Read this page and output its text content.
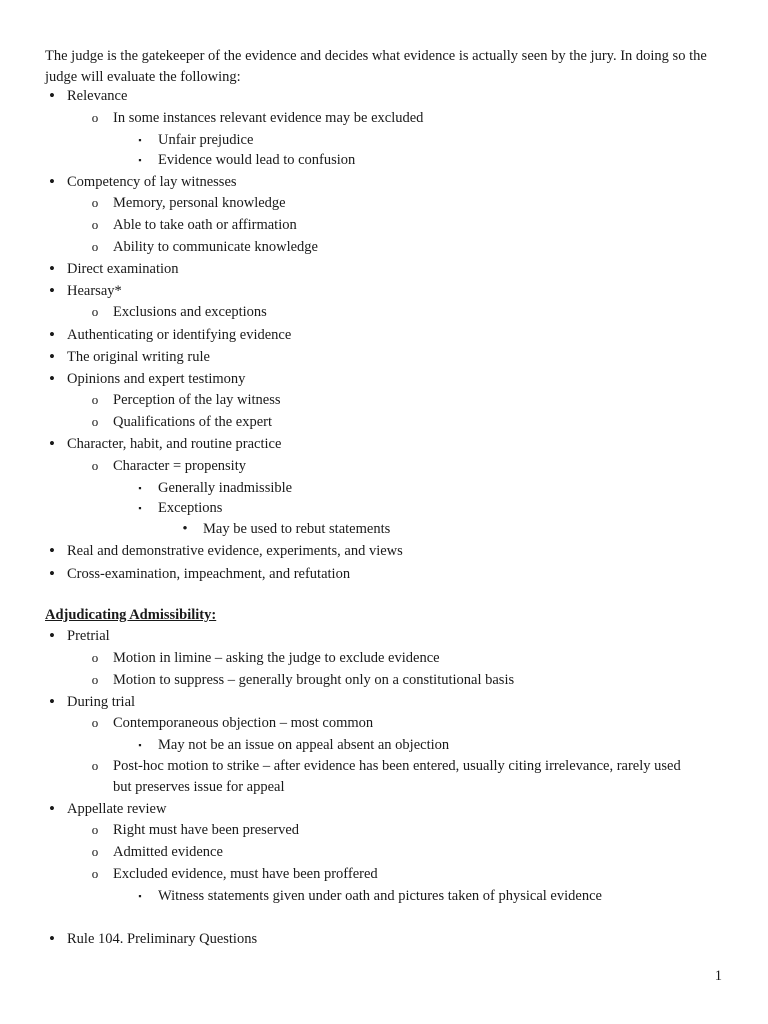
The judge is the gatekeeper of the evidence and decides what evidence is actually seen by the jury. In doing so the judge will evaluate the following:

• Relevance
o In some instances relevant evidence may be excluded
▪	Unfair prejudice
▪	Evidence would lead to confusion
• Competency of lay witnesses
o Memory, personal knowledge
o Able to take oath or affirmation
o Ability to communicate knowledge
• Direct examination
• Hearsay*
o Exclusions and exceptions
• Authenticating or identifying evidence
• The original writing rule
• Opinions and expert testimony
o Perception of the lay witness
o Qualifications of the expert
• Character, habit, and routine practice
o Character = propensity
▪	Generally inadmissible
▪	Exceptions
•	May be used to rebut statements
• Real and demonstrative evidence, experiments, and views
• Cross-examination, impeachment, and refutation
Adjudicating Admissibility:
• Pretrial
o Motion in limine – asking the judge to exclude evidence
o Motion to suppress – generally brought only on a constitutional basis
• During trial
o Contemporaneous objection – most common
▪	May not be an issue on appeal absent an objection
o Post-hoc motion to strike – after evidence has been entered, usually citing irrelevance, rarely used
but preserves issue for appeal
• Appellate review
o Right must have been preserved
o Admitted evidence
o Excluded evidence, must have been proffered
▪	Witness statements given under oath and pictures taken of physical evidence
• Rule 104. Preliminary Questions
1
